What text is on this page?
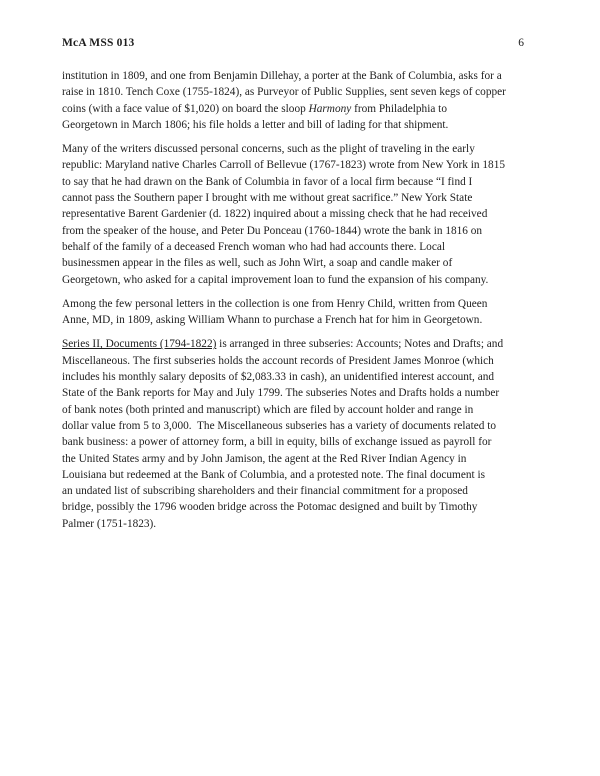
McA MSS 013	6
institution in 1809, and one from Benjamin Dillehay, a porter at the Bank of Columbia, asks for a
raise in 1810. Tench Coxe (1755-1824), as Purveyor of Public Supplies, sent seven kegs of copper
coins (with a face value of $1,020) on board the sloop Harmony from Philadelphia to
Georgetown in March 1806; his file holds a letter and bill of lading for that shipment.
Many of the writers discussed personal concerns, such as the plight of traveling in the early
republic: Maryland native Charles Carroll of Bellevue (1767-1823) wrote from New York in 1815
to say that he had drawn on the Bank of Columbia in favor of a local firm because “I find I
cannot pass the Southern paper I brought with me without great sacrifice.” New York State
representative Barent Gardenier (d. 1822) inquired about a missing check that he had received
from the speaker of the house, and Peter Du Ponceau (1760-1844) wrote the bank in 1816 on
behalf of the family of a deceased French woman who had had accounts there. Local
businessmen appear in the files as well, such as John Wirt, a soap and candle maker of
Georgetown, who asked for a capital improvement loan to fund the expansion of his company.
Among the few personal letters in the collection is one from Henry Child, written from Queen
Anne, MD, in 1809, asking William Whann to purchase a French hat for him in Georgetown.
Series II, Documents (1794-1822) is arranged in three subseries: Accounts; Notes and Drafts; and
Miscellaneous. The first subseries holds the account records of President James Monroe (which
includes his monthly salary deposits of $2,083.33 in cash), an unidentified interest account, and
State of the Bank reports for May and July 1799. The subseries Notes and Drafts holds a number
of bank notes (both printed and manuscript) which are filed by account holder and range in
dollar value from 5 to 3,000.  The Miscellaneous subseries has a variety of documents related to
bank business: a power of attorney form, a bill in equity, bills of exchange issued as payroll for
the United States army and by John Jamison, the agent at the Red River Indian Agency in
Louisiana but redeemed at the Bank of Columbia, and a protested note. The final document is
an undated list of subscribing shareholders and their financial commitment for a proposed
bridge, possibly the 1796 wooden bridge across the Potomac designed and built by Timothy
Palmer (1751-1823).
